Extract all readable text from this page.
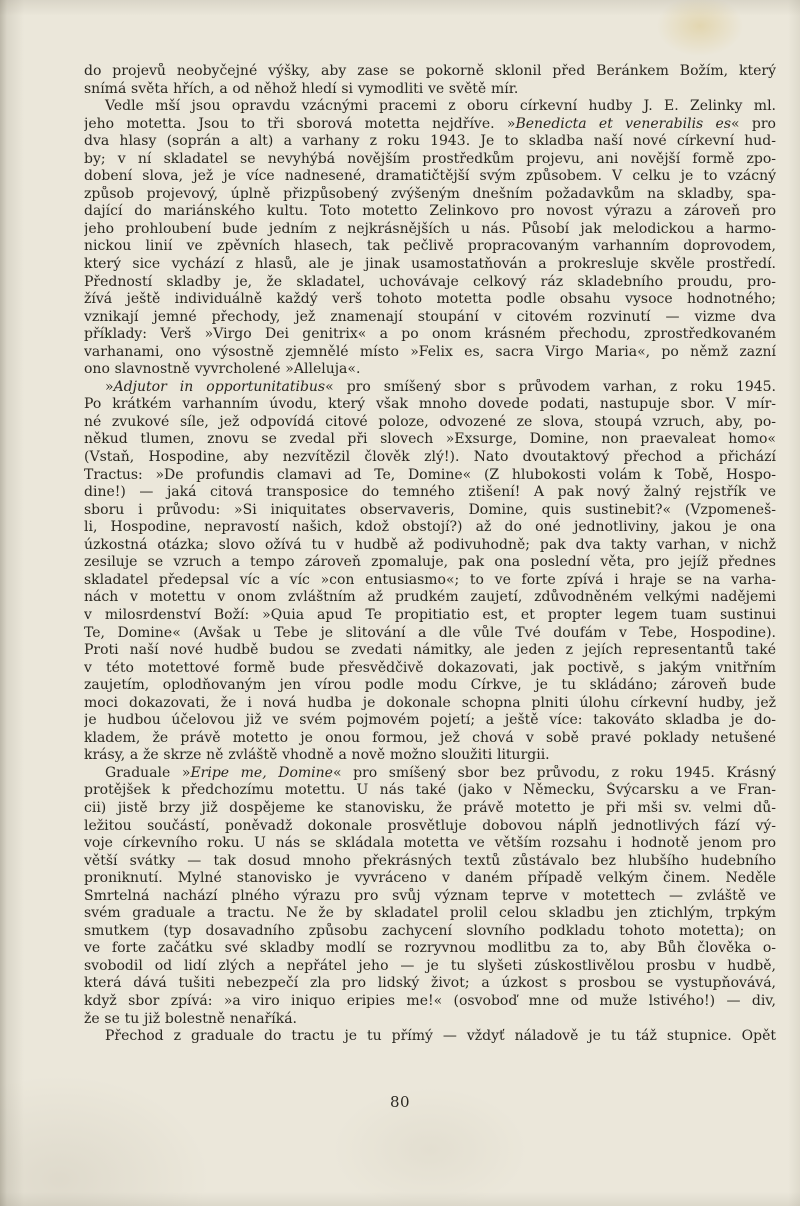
do projevů neobyčejné výšky, aby zase se pokorně sklonil před Beránkem Božím, který
snímá světa hřích, a od něhož hledí si vymodliti ve světě mír.
Vedle mší jsou opravdu vzácnými pracemi z oboru církevní hudby J. E. Zelinky ml.
jeho motetta. Jsou to tři sborová motetta nejdříve. »Benedicta et venerabilis es« pro
dva hlasy (soprán a alt) a varhany z roku 1943. Je to skladba naší nové církevní hud-
by; v ní skladatel se nevyhýbá novějším prostředkům projevu, ani novější formě zpo-
dobení slova, jež je více nadnesené, dramatičtější svým způsobem. V celku je to vzácný
způsob projevový, úplně přizpůsobený zvýšeným dnešním požadavkům na skladby, spa-
dající do mariánského kultu. Toto motetto Zelinkovo pro novost výrazu a zároveň pro
jeho prohloubení bude jedním z nejkrásnějších u nás. Působí jak melodickou a harmo-
nickou linií ve zpěvních hlasech, tak pečlivě propracovaným varhanním doprovodem,
který sice vychází z hlasů, ale je jinak usamostatňován a prokresluje skvěle prostředí.
Předností skladby je, že skladatel, uchovávaje celkový ráz skladebního proudu, pro-
žívá ještě individuálně každý verš tohoto motetta podle obsahu vysoce hodnotného;
vznikají jemné přechody, jež znamenají stoupání v citovém rozvinutí — vizme dva
příklady: Verš »Virgo Dei genitrix« a po onom krásném přechodu, zprostředkovaném
varhanami, ono výsostně zjemnělé místo »Felix es, sacra Virgo Maria«, po němž zazní
ono slavnostně vyvrcholené »Alleluja«.
»Adjutor in opportunitatibus« pro smíšený sbor s průvodem varhan, z roku 1945.
Po krátkém varhanním úvodu, který však mnoho dovede podati, nastupuje sbor. V mír-
né zvukové síle, jež odpovídá citové poloze, odvozené ze slova, stoupá vzruch, aby, po-
někud tlumen, znovu se zvedal při slovech »Exsurge, Domine, non praevaleat homo«
(Vstaň, Hospodine, aby nezvítězil člověk zlý!). Nato dvoutaktový přechod a přichází
Tractus: »De profundis clamavi ad Te, Domine« (Z hlubokosti volám k Tobě, Hospo-
dine!) — jaká citová transposice do temného ztišení! A pak nový žalný rejstřík ve
sboru i průvodu: »Si iniquitates observaveris, Domine, quis sustinebit?« (Vzpomeneš-
li, Hospodine, nepravostí našich, kdož obstojí?) až do oné jednotliviny, jakou je ona
úzkostná otázka; slovo ožívá tu v hudbě až podivuhodně; pak dva takty varhan, v nichž
zesiluje se vzruch a tempo zároveň zpomaluje, pak ona poslední věta, pro jejíž přednes
skladatel předepsal víc a víc »con entusiasmo«; to ve forte zpívá i hraje se na varha-
nách v motettu v onom zvláštním až prudkém zaujetí, zdůvodněném velkými nadějemi
v milosrdenství Boží: »Quia apud Te propitiatio est, et propter legem tuam sustinui
Te, Domine« (Avšak u Tebe je slitování a dle vůle Tvé doufám v Tebe, Hospodine).
Proti naší nové hudbě budou se zvedati námitky, ale jeden z jejích representantů také
v této motettové formě bude přesvědčivě dokazovati, jak poctivě, s jakým vnitřním
zaujetím, oplodňovaným jen vírou podle modu Církve, je tu skládáno; zároveň bude
moci dokazovati, že i nová hudba je dokonale schopna plniti úlohu církevní hudby, jež
je hudbou účelovou již ve svém pojmovém pojetí; a ještě více: takováto skladba je do-
kladem, že právě motetto je onou formou, jež chová v sobě pravé poklady netušené
krásy, a že skrze ně zvláště vhodně a nově možno sloužiti liturgii.
Graduale »Eripe me, Domine« pro smíšený sbor bez průvodu, z roku 1945. Krásný
protějšek k předchozímu motettu. U nás také (jako v Německu, Švýcarsku a ve Fran-
cii) jistě brzy již dospějeme ke stanovisku, že právě motetto je při mši sv. velmi dů-
ležitou součástí, poněvadž dokonale prosvětluje dobovou náplň jednotlivých fází vý-
voje církevního roku. U nás se skládala motetta ve větším rozsahu i hodnotě jenom pro
větší svátky — tak dosud mnoho překrásných textů zůstávalo bez hlubšího hudebního
proniknutí. Mylné stanovisko je vyvráceno v daném případě velkým činem. Neděle
Smrtelná nachází plného výrazu pro svůj význam teprve v motettech — zvláště ve
svém graduale a tractu. Ne že by skladatel prolil celou skladbu jen ztichlým, trpkým
smutkem (typ dosavadního způsobu zachycení slovního podkladu tohoto motetta); on
ve forte začátku své skladby modlí se rozryvnou modlitbu za to, aby Bůh člověka o-
svobodil od lidí zlých a nepřátel jeho — je tu slyšeti zúskostlivělou prosbu v hudbě,
která dává tušiti nebezpečí zla pro lidský život; a úzkost s prosbou se vystupňovává,
když sbor zpívá: »a viro iniquo eripies me!« (osvoboď mne od muže lstivého!) — div,
že se tu již bolestně nenaříká.
Přechod z graduale do tractu je tu přímý — vždyť náladově je tu táž stupnice. Opět
80
